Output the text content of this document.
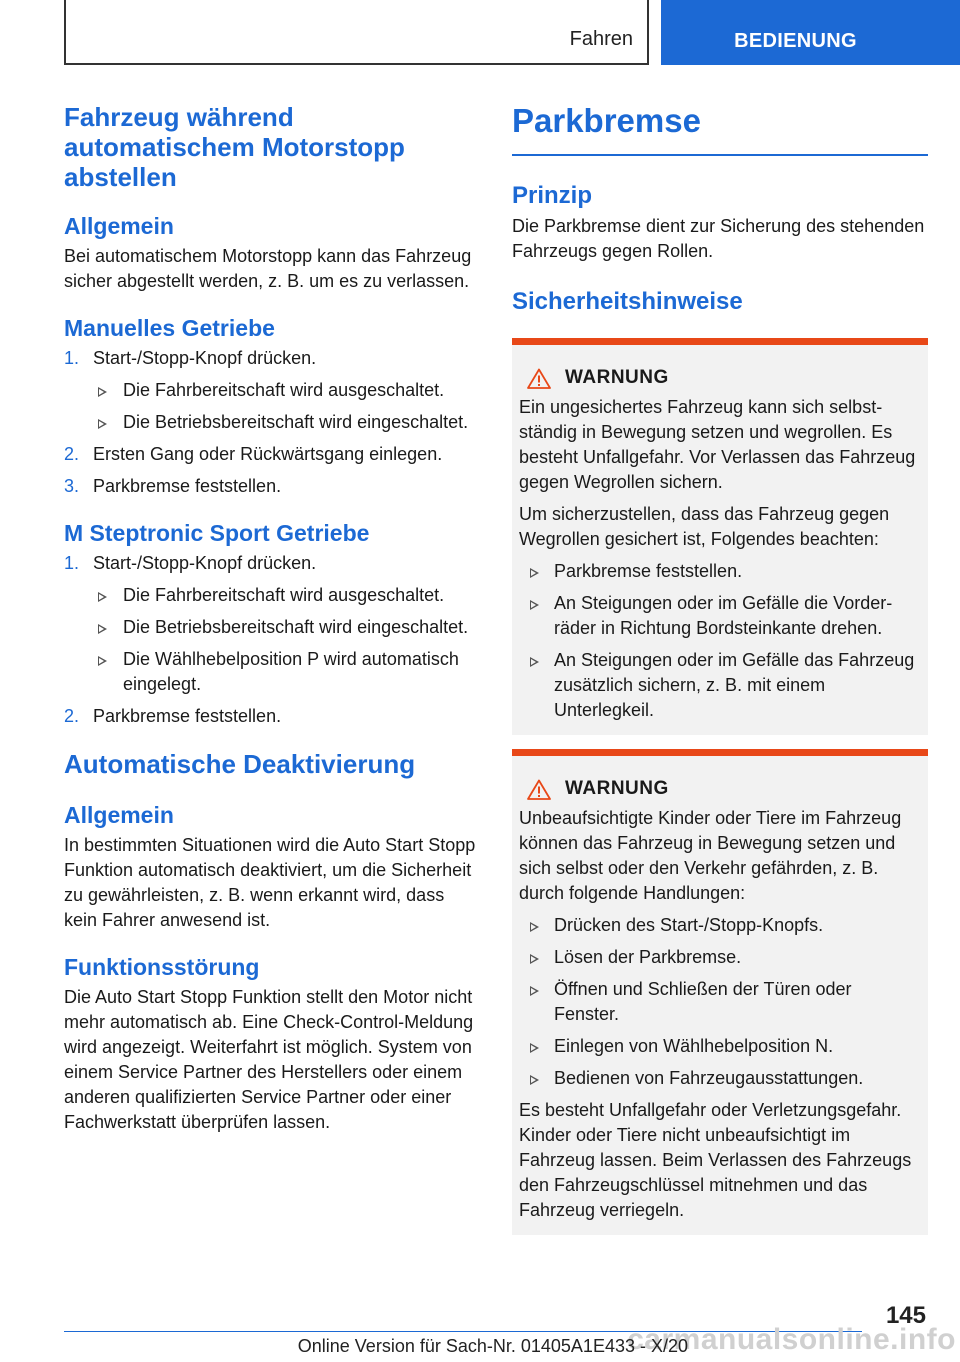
Fahren	BEDIENUNG
Fahrzeug während automatischem Motorstopp abstellen
Allgemein

Bei automatischem Motorstopp kann das Fahrzeug sicher abgestellt werden, z. B. um es zu verlassen.

Manuelles Getriebe
1. Start-/Stopp-Knopf drücken.
Die Fahrbereitschaft wird ausgeschaltet.
Die Betriebsbereitschaft wird eingeschaltet.
2. Ersten Gang oder Rückwärtsgang einlegen.
3. Parkbremse feststellen.
M Steptronic Sport Getriebe
1. Start-/Stopp-Knopf drücken.
Die Fahrbereitschaft wird ausgeschaltet.
Die Betriebsbereitschaft wird eingeschaltet.
Die Wählhebelposition P wird automatisch eingelegt.
2. Parkbremse feststellen.
Automatische Deaktivierung
Allgemein

In bestimmten Situationen wird die Auto Start Stopp Funktion automatisch deaktiviert, um die Sicherheit zu gewährleisten, z. B. wenn erkannt wird, dass kein Fahrer anwesend ist.

Funktionsstörung

Die Auto Start Stopp Funktion stellt den Motor nicht mehr automatisch ab. Eine Check-Control-Meldung wird angezeigt. Weiterfahrt ist möglich. System von einem Service Partner des Herstellers oder einem anderen qualifizierten Service Partner oder einer Fachwerkstatt überprüfen lassen.

Parkbremse
Prinzip

Die Parkbremse dient zur Sicherung des stehenden Fahrzeugs gegen Rollen.

Sicherheitshinweise
WARNUNG

Ein ungesichertes Fahrzeug kann sich selbstständig in Bewegung setzen und wegrollen. Es besteht Unfallgefahr. Vor Verlassen das Fahrzeug gegen Wegrollen sichern.

Um sicherzustellen, dass das Fahrzeug gegen Wegrollen gesichert ist, Folgendes beachten:

Parkbremse feststellen.
An Steigungen oder im Gefälle die Vorderräder in Richtung Bordsteinkante drehen.
An Steigungen oder im Gefälle das Fahrzeug zusätzlich sichern, z. B. mit einem Unterlegkeil.
WARNUNG

Unbeaufsichtigte Kinder oder Tiere im Fahrzeug können das Fahrzeug in Bewegung setzen und sich selbst oder den Verkehr gefährden, z. B. durch folgende Handlungen:

Drücken des Start-/Stopp-Knopfs.
Lösen der Parkbremse.
Öffnen und Schließen der Türen oder Fenster.
Einlegen von Wählhebelposition N.
Bedienen von Fahrzeugausstattungen.

Es besteht Unfallgefahr oder Verletzungsgefahr. Kinder oder Tiere nicht unbeaufsichtigt im Fahrzeug lassen. Beim Verlassen des Fahrzeugs den Fahrzeugschlüssel mitnehmen und das Fahrzeug verriegeln.

145
carmanualsonline.info
Online Version für Sach-Nr. 01405A1E433 - X/20
